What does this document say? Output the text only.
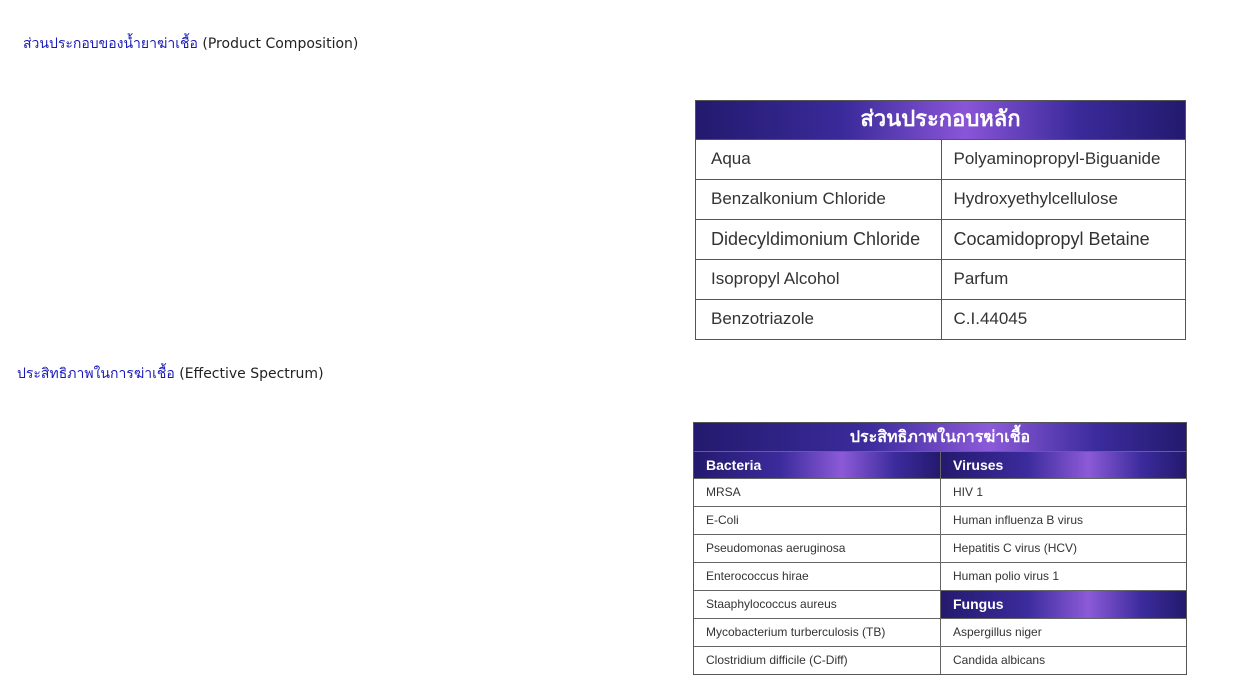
ส่วนประกอบของน้ำยาฆ่าเชื้อ (Product Composition)
ส่วนประกอบหลัก
Aqua	Polyaminopropyl-Biguanide
Benzalkonium Chloride	Hydroxyethylcellulose
Didecyldimonium Chloride	Cocamidopropyl Betaine
Isopropyl Alcohol	Parfum
Benzotriazole	C.I.44045
ประสิทธิภาพในการฆ่าเชื้อ (Effective Spectrum)
ประสิทธิภาพในการฆ่าเชื้อ
Bacteria	Viruses
MRSA	HIV 1
E-Coli	Human influenza B virus
Pseudomonas aeruginosa	Hepatitis C virus (HCV)
Enterococcus hirae	Human polio virus 1
Staaphylococcus aureus	Fungus
Mycobacterium turberculosis (TB)	Aspergillus niger
Clostridium difficile (C-Diff)	Candida albicans
